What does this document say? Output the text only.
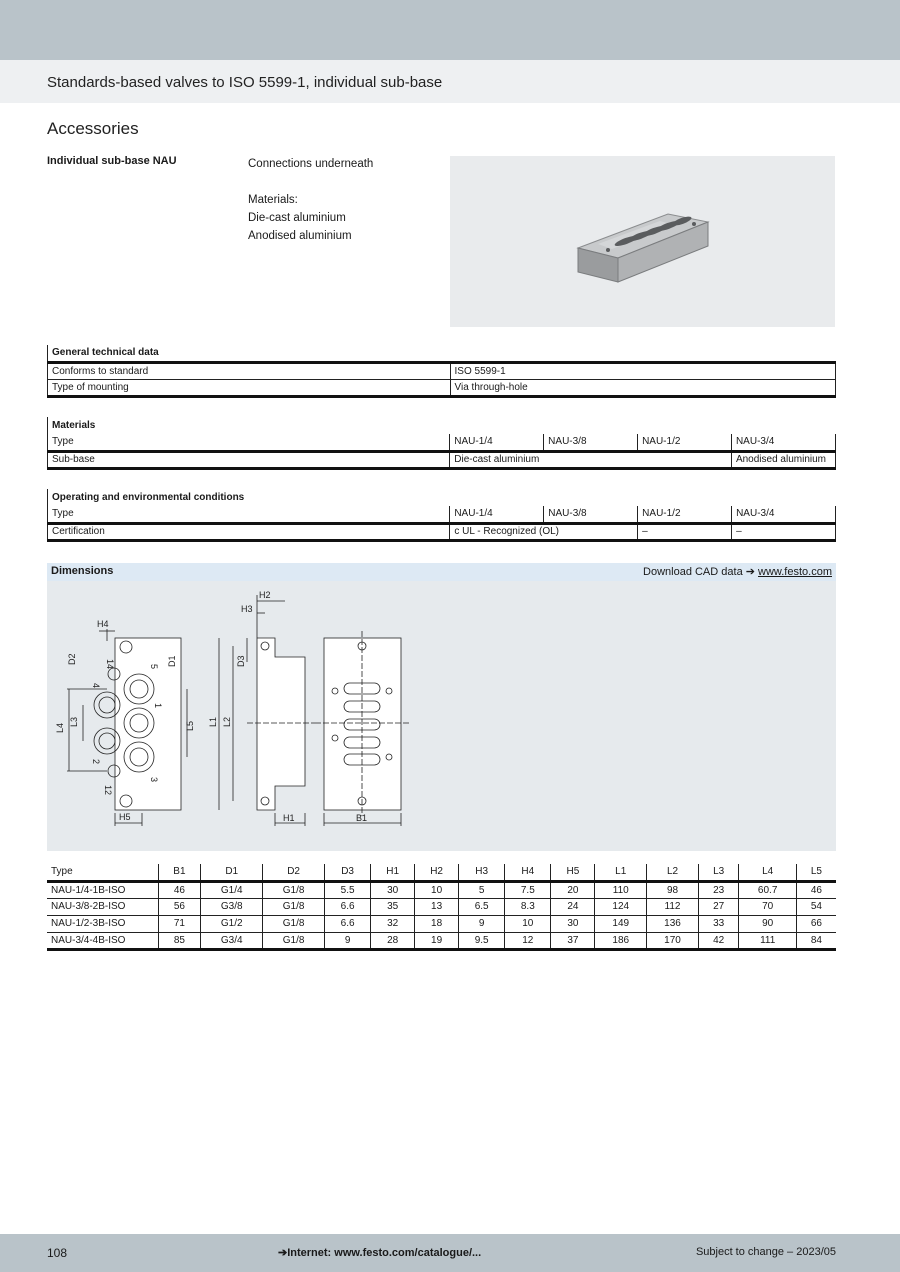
Standards-based valves to ISO 5599-1, individual sub-base
Accessories
Individual sub-base NAU	Connections underneath
Materials:
Die-cast aluminium
Anodised aluminium
General technical data	
Conforms to standard	ISO 5599-1
Type of mounting	Via through-hole
Materials				
Type	NAU-1/4	NAU-3/8	NAU-1/2	NAU-3/4
Sub-base	Die-cast aluminium			Anodised aluminium
Operating and environmental conditions				
Type	NAU-1/4	NAU-3/8	NAU-1/2	NAU-3/4
Certification	c UL - Recognized (OL)		–	–
Dimensions	Download CAD data ➔ www.festo.com
H4
D2	D1
L4
L3	L5
H5
14	5
4
1
2
3
12
H2
H3
D3
L1 L2
H1	B1
Type	B1	D1	D2	D3	H1	H2	H3	H4	H5	L1	L2	L3	L4	L5
NAU-1/4-1B-ISO	46	G1/4	G1/8	5.5	30	10	5	7.5	20	110	98	23	60.7	46
NAU-3/8-2B-ISO	56	G3/8	G1/8	6.6	35	13	6.5	8.3	24	124	112	27	70	54
NAU-1/2-3B-ISO	71	G1/2	G1/8	6.6	32	18	9	10	30	149	136	33	90	66
NAU-3/4-4B-ISO	85	G3/4	G1/8	9	28	19	9.5	12	37	186	170	42	111	84
108	➔Internet: www.festo.com/catalogue/...	Subject to change – 2023/05
